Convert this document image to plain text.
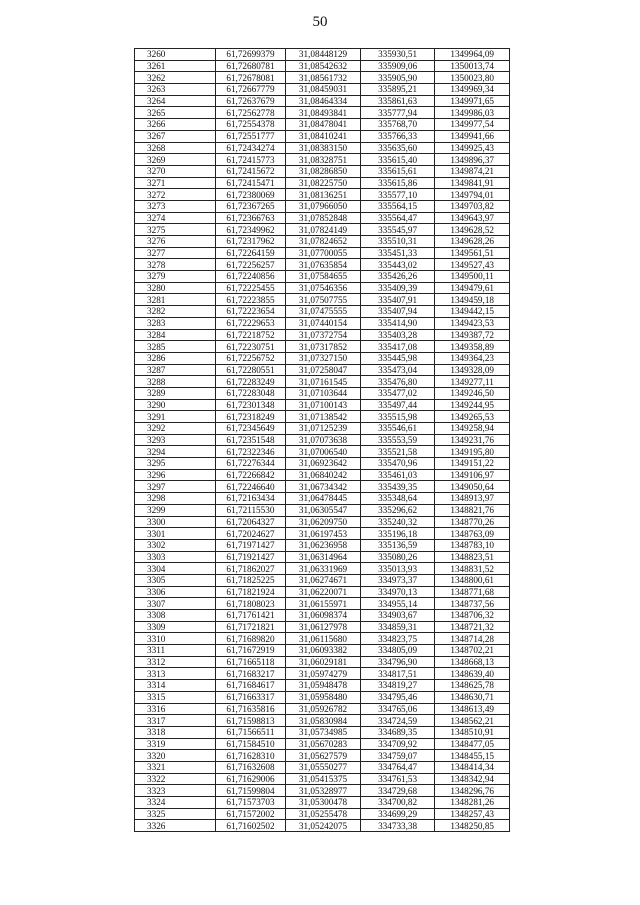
50
3260	61,72699379	31,08448129	335930,51	1349964,09
3261	61,72680781	31,08542632	335909,06	1350013,74
3262	61,72678081	31,08561732	335905,90	1350023,80
3263	61,72667779	31,08459031	335895,21	1349969,34
3264	61,72637679	31,08464334	335861,63	1349971,65
3265	61,72562778	31,08493841	335777,94	1349986,03
3266	61,72554378	31,08478041	335768,70	1349977,54
3267	61,72551777	31,08410241	335766,33	1349941,66
3268	61,72434274	31,08383150	335635,60	1349925,43
3269	61,72415773	31,08328751	335615,40	1349896,37
3270	61,72415672	31,08286850	335615,61	1349874,21
3271	61,72415471	31,08225750	335615,86	1349841,91
3272	61,72380069	31,08136251	335577,10	1349794,01
3273	61,72367265	31,07966050	335564,15	1349703,82
3274	61,72366763	31,07852848	335564,47	1349643,97
3275	61,72349962	31,07824149	335545,97	1349628,52
3276	61,72317962	31,07824652	335510,31	1349628,26
3277	61,72264159	31,07700055	335451,33	1349561,51
3278	61,72256257	31,07635854	335443,02	1349527,43
3279	61,72240856	31,07584655	335426,26	1349500,11
3280	61,72225455	31,07546356	335409,39	1349479,61
3281	61,72223855	31,07507755	335407,91	1349459,18
3282	61,72223654	31,07475555	335407,94	1349442,15
3283	61,72229653	31,07440154	335414,90	1349423,53
3284	61,72218752	31,07372754	335403,28	1349387,72
3285	61,72230751	31,07317852	335417,08	1349358,89
3286	61,72256752	31,07327150	335445,98	1349364,23
3287	61,72280551	31,07258047	335473,04	1349328,09
3288	61,72283249	31,07161545	335476,80	1349277,11
3289	61,72283048	31,07103644	335477,02	1349246,50
3290	61,72301348	31,07100143	335497,44	1349244,95
3291	61,72318249	31,07138542	335515,98	1349265,53
3292	61,72345649	31,07125239	335546,61	1349258,94
3293	61,72351548	31,07073638	335553,59	1349231,76
3294	61,72322346	31,07006540	335521,58	1349195,80
3295	61,72276344	31,06923642	335470,96	1349151,22
3296	61,72266842	31,06840242	335461,03	1349106,97
3297	61,72246640	31,06734342	335439,35	1349050,64
3298	61,72163434	31,06478445	335348,64	1348913,97
3299	61,72115530	31,06305547	335296,62	1348821,76
3300	61,72064327	31,06209750	335240,32	1348770,26
3301	61,72024627	31,06197453	335196,18	1348763,09
3302	61,71971427	31,06236958	335136,59	1348783,10
3303	61,71921427	31,06314964	335080,26	1348823,51
3304	61,71862027	31,06331969	335013,93	1348831,52
3305	61,71825225	31,06274671	334973,37	1348800,61
3306	61,71821924	31,06220071	334970,13	1348771,68
3307	61,71808023	31,06155971	334955,14	1348737,56
3308	61,71761421	31,06098374	334903,67	1348706,32
3309	61,71721821	31,06127978	334859,31	1348721,32
3310	61,71689820	31,06115680	334823,75	1348714,28
3311	61,71672919	31,06093382	334805,09	1348702,21
3312	61,71665118	31,06029181	334796,90	1348668,13
3313	61,71683217	31,05974279	334817,51	1348639,40
3314	61,71684617	31,05948478	334819,27	1348625,78
3315	61,71663317	31,05958480	334795,46	1348630,71
3316	61,71635816	31,05926782	334765,06	1348613,49
3317	61,71598813	31,05830984	334724,59	1348562,21
3318	61,71566511	31,05734985	334689,35	1348510,91
3319	61,71584510	31,05670283	334709,92	1348477,05
3320	61,71628310	31,05627579	334759,07	1348455,15
3321	61,71632608	31,05550277	334764,47	1348414,34
3322	61,71629006	31,05415375	334761,53	1348342,94
3323	61,71599804	31,05328977	334729,68	1348296,76
3324	61,71573703	31,05300478	334700,82	1348281,26
3325	61,71572002	31,05255478	334699,29	1348257,43
3326	61,71602502	31,05242075	334733,38	1348250,85
